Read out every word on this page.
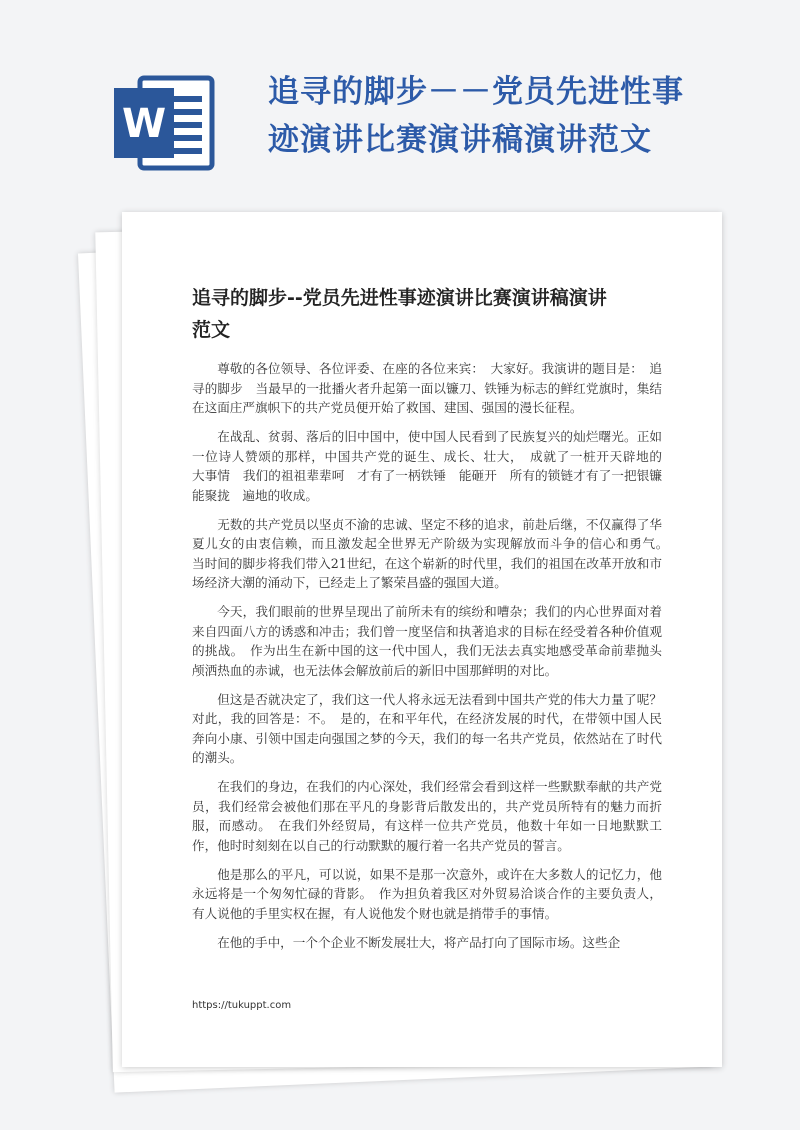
W
追寻的脚步－－党员先进性事
迹演讲比赛演讲稿演讲范文
追寻的脚步--党员先进性事迹演讲比赛演讲稿演讲
范文

尊敬的各位领导、各位评委、在座的各位来宾：　大家好。我演讲的题目是：　追寻的脚步　当最早的一批播火者升起第一面以镰刀、铁锤为标志的鲜红党旗时，集结在这面庄严旗帜下的共产党员便开始了救国、建国、强国的漫长征程。

在战乱、贫弱、落后的旧中国中，使中国人民看到了民族复兴的灿烂曙光。正如一位诗人赞颂的那样，中国共产党的诞生、成长、壮大，　成就了一桩开天辟地的　大事情　我们的祖祖辈辈呵　才有了一柄铁锤　能砸开　所有的锁链才有了一把银镰　能聚拢　遍地的收成。

无数的共产党员以坚贞不渝的忠诚、坚定不移的追求，前赴后继，不仅赢得了华夏儿女的由衷信赖，而且激发起全世界无产阶级为实现解放而斗争的信心和勇气。　当时间的脚步将我们带入21世纪，在这个崭新的时代里，我们的祖国在改革开放和市场经济大潮的涌动下，已经走上了繁荣昌盛的强国大道。

今天，我们眼前的世界呈现出了前所未有的缤纷和嘈杂；我们的内心世界面对着来自四面八方的诱惑和冲击；我们曾一度坚信和执著追求的目标在经受着各种价值观的挑战。　作为出生在新中国的这一代中国人，我们无法去真实地感受革命前辈抛头颅洒热血的赤诚，也无法体会解放前后的新旧中国那鲜明的对比。

但这是否就决定了，我们这一代人将永远无法看到中国共产党的伟大力量了呢？对此，我的回答是：不。　是的，在和平年代，在经济发展的时代，在带领中国人民奔向小康、引领中国走向强国之梦的今天，我们的每一名共产党员，依然站在了时代的潮头。

在我们的身边，在我们的内心深处，我们经常会看到这样一些默默奉献的共产党员，我们经常会被他们那在平凡的身影背后散发出的，共产党员所特有的魅力而折服，而感动。　在我们外经贸局，有这样一位共产党员，他数十年如一日地默默工作，他时时刻刻在以自己的行动默默的履行着一名共产党员的誓言。

他是那么的平凡，可以说，如果不是那一次意外，或许在大多数人的记忆力，他永远将是一个匆匆忙碌的背影。　作为担负着我区对外贸易洽谈合作的主要负责人，有人说他的手里实权在握，有人说他发个财也就是捎带手的事情。

在他的手中，一个个企业不断发展壮大，将产品打向了国际市场。这些企

https://tukuppt.com
